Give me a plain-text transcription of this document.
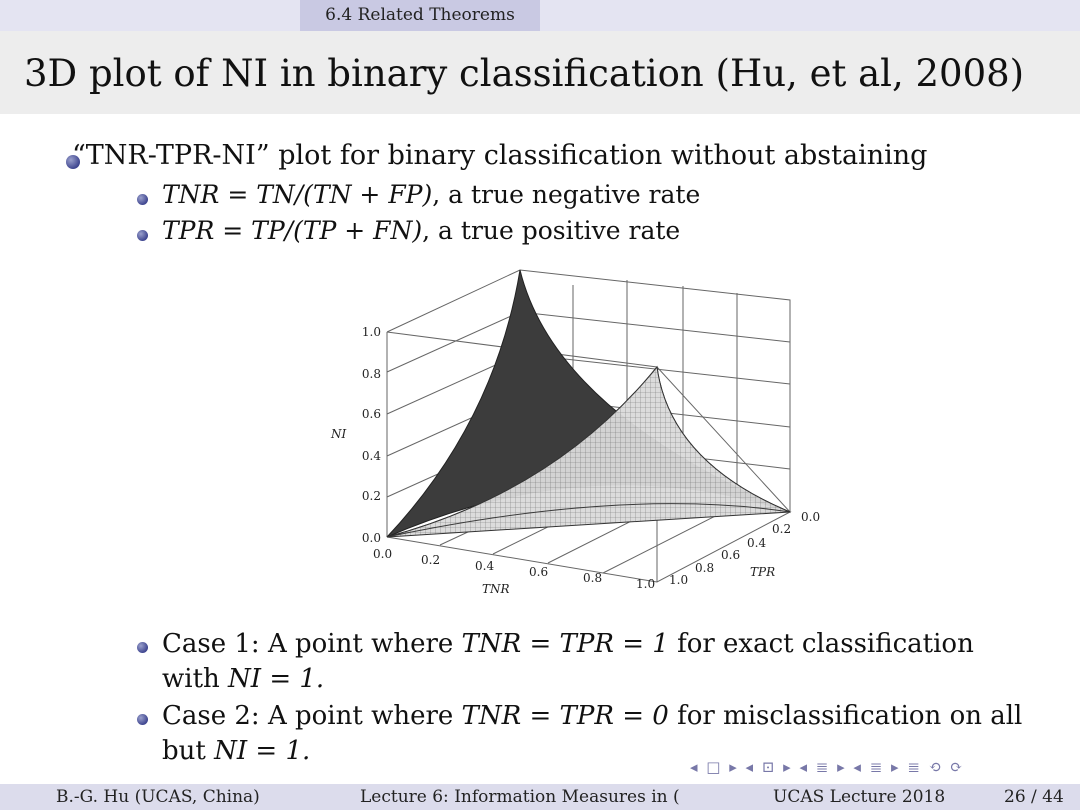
6.4 Related Theorems
3D plot of NI in binary classification (Hu, et al, 2008)
“TNR-TPR-NI” plot for binary classification without abstaining
TNR = TN/(TN + FP), a true negative rate
TPR = TP/(TP + FN), a true positive rate
1.0
0.8
0.6
0.4
0.2
0.0
NI
0.0 0.2	0.4	0.6	0.8	1.0
TNR
1.0
0.8
0.6
0.4
0.2
0.0
TPR
Case 1: A point where TNR = TPR = 1 for exact classification
with NI = 1.
Case 2: A point where TNR = TPR = 0 for misclassification on all
but NI = 1.
◂ □ ▸ ◂ ⊡ ▸ ◂ ≣ ▸ ◂ ≣ ▸ ≣ ⟲ ⟳
B.-G. Hu (UCAS, China)	Lecture 6: Information Measures in (	UCAS Lecture 2018	26 / 44
